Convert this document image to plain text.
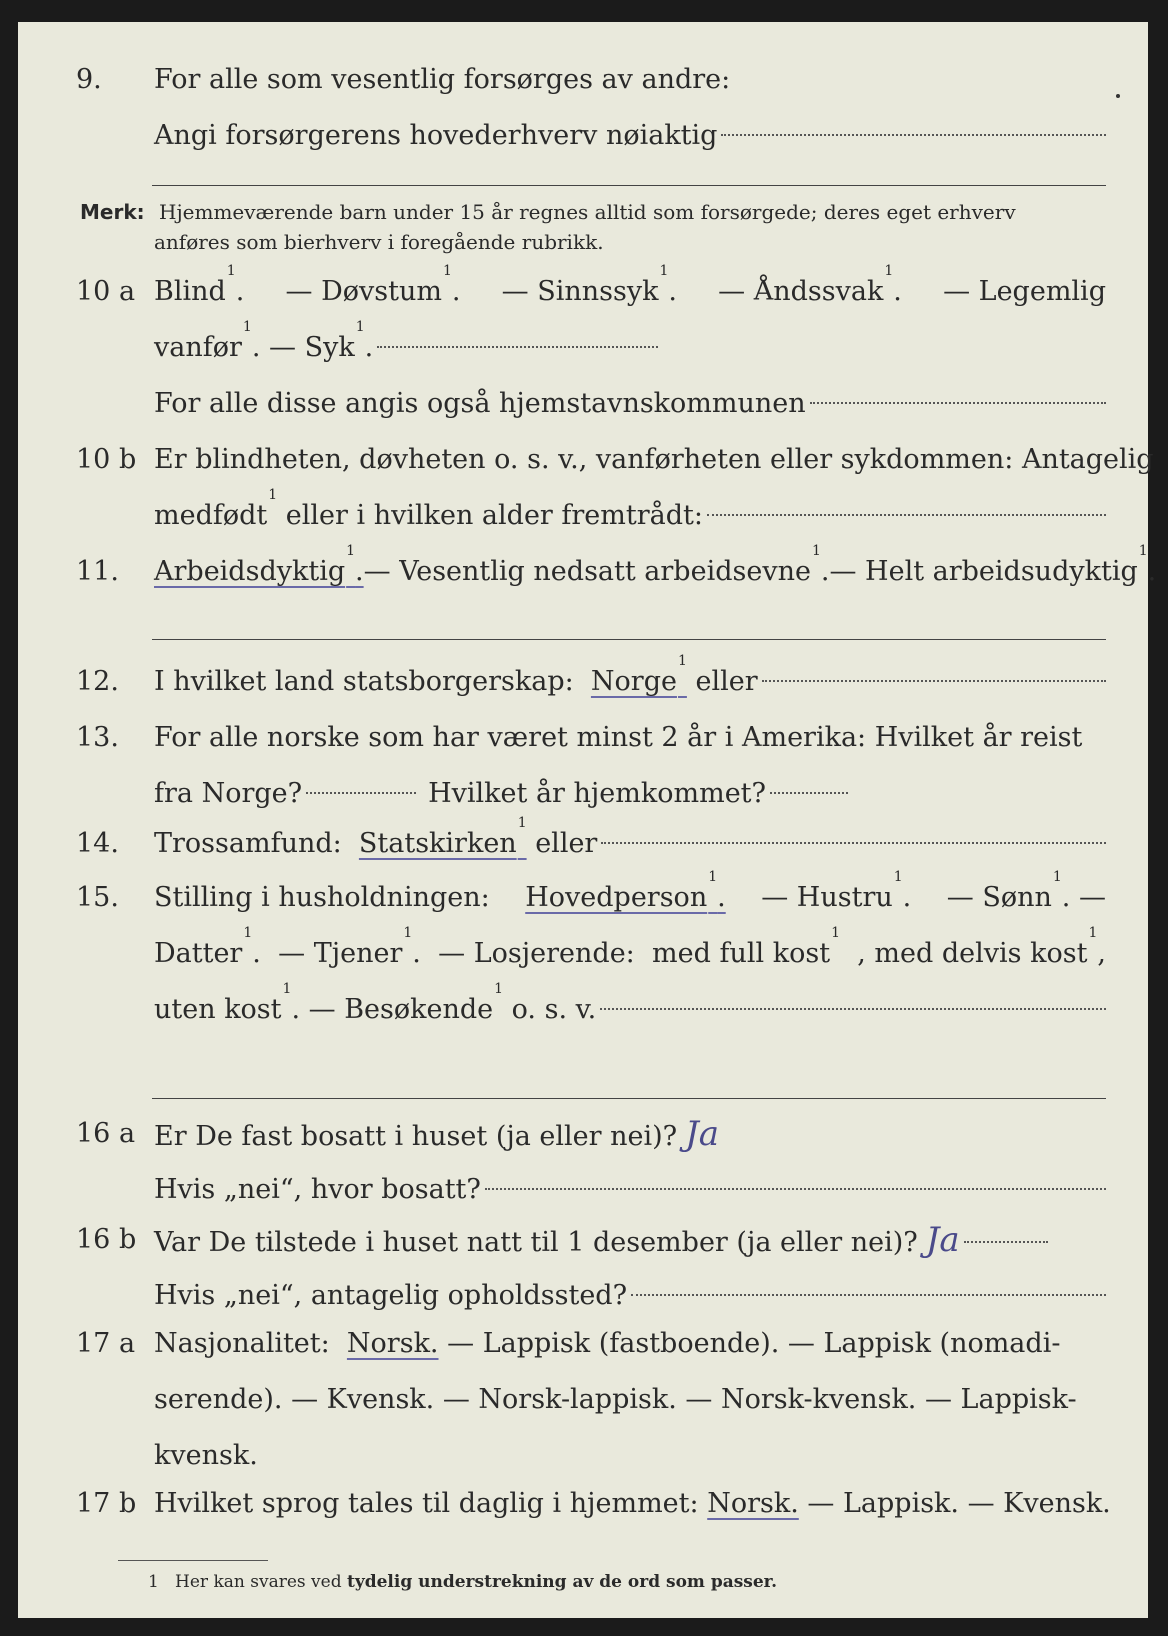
9. For alle som vesentlig forsørges av andre:
Angi forsørgerens hovederhverv nøiaktig
Merk: Hjemmeværende barn under 15 år regnes alltid som forsørgede; deres eget erhverv
anføres som bierhverv i foregående rubrikk.
10 a Blind$^1$. — Døvstum$^1$. — Sinnssyk$^1$. — Åndssvak$^1$. — Legemlig
vanfør$^1$. — Syk$^1$.
For alle disse angis også hjemstavnskommunen
10 b Er blindheten, døvheten o. s. v., vanførheten eller sykdommen: Antagelig
medfødt$^1$
eller i hvilken alder fremtrådt:
11. Arbeidsdyktig$^1$. — Vesentlig nedsatt arbeidsevne$^1$. — Helt arbeidsudyktig$^1$.
12. I hvilket land statsborgerskap:
Norge$^1$

eller
13. For alle norske som har været minst 2 år i Amerika: Hvilket år reist
fra Norge?	Hvilket år hjemkommet?
14. Trossamfund:
Statskirken$^1$

eller
15. Stilling i husholdningen: Hovedperson$^1$. — Hustru$^1$. — Sønn$^1$. —
Datter$^1$. — Tjener$^1$. — Losjerende: med full kost$^1$
, med delvis kost$^1$,
uten kost$^1$. — Besøkende$^1$
o. s. v.
16 a Er De fast bosatt i huset (ja eller nei)? Ja
Hvis „nei“, hvor bosatt?
16 b Var De tilstede i huset natt til 1 desember (ja eller nei)? Ja
Hvis „nei“, antagelig opholdssted?
17 a Nasjonalitet:
Norsk.
— Lappisk (fastboende). — Lappisk (nomadi-
serende). — Kvensk. — Norsk-lappisk. — Norsk-kvensk. — Lappisk-
kvensk.
17 b Hvilket sprog tales til daglig i hjemmet:
Norsk.
— Lappisk. — Kvensk.
1 Her kan svares ved tydelig understrekning av de ord som passer.
